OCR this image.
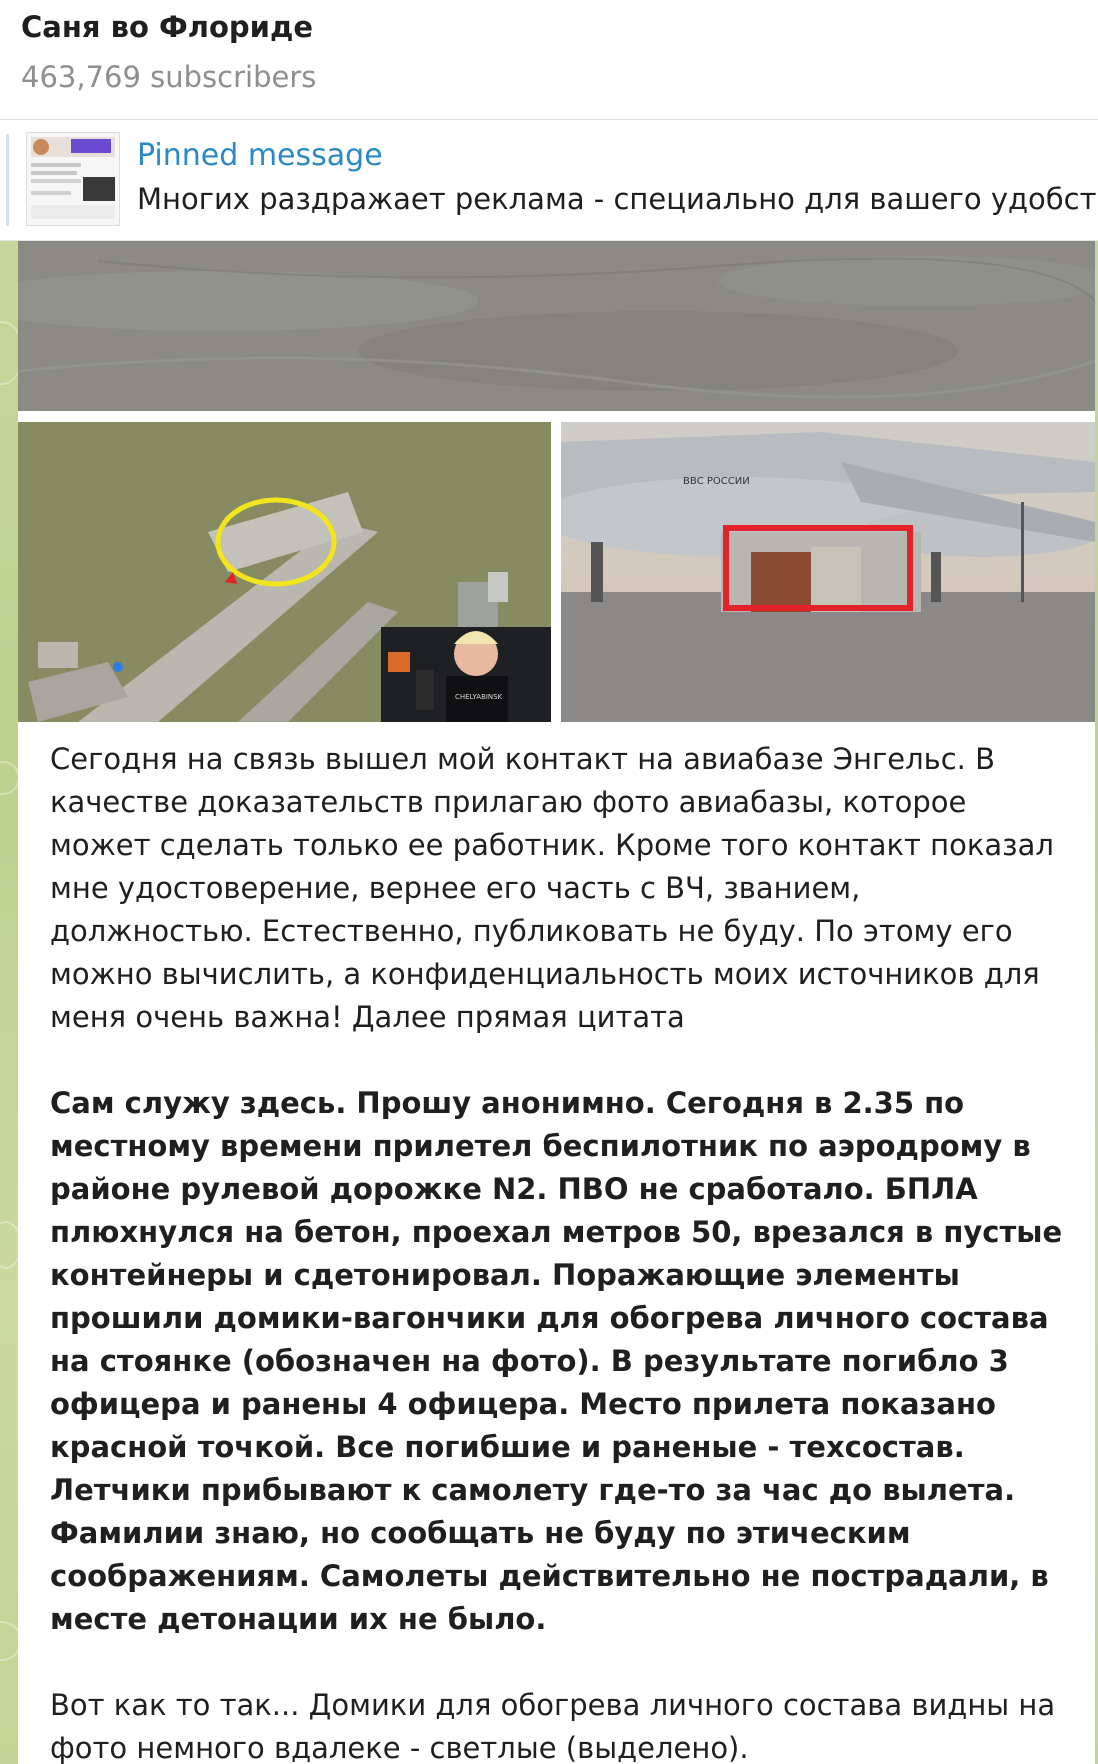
Саня во Флориде
463,769 subscribers
Pinned message
Многих раздражает реклама - специально для вашего удобст
CHELYABINSK
ВВС РОССИИ

Сегодня на связь вышел мой контакт на авиабазе Энгельс. В качестве доказательств прилагаю фото авиабазы, которое может сделать только ее работник. Кроме того контакт показал мне удостоверение, вернее его часть с ВЧ, званием, должностью. Естественно, публиковать не буду. По этому его можно вычислить, а конфиденциальность моих источников для меня очень важна! Далее прямая цитата

Сам служу здесь. Прошу анонимно. Сегодня в 2.35 по местному времени прилетел беспилотник по аэродрому в районе рулевой дорожке N2. ПВО не сработало. БПЛА плюхнулся на бетон, проехал метров 50, врезался в пустые контейнеры и сдетонировал. Поражающие элементы прошили домики-вагончики для обогрева личного состава на стоянке (обозначен на фото). В результате погибло 3 офицера и ранены 4 офицера. Место прилета показано красной точкой. Все погибшие и раненые - техсостав. Летчики прибывают к самолету где-то за час до вылета. Фамилии знаю, но сообщать не буду по этическим соображениям. Самолеты действительно не пострадали, в месте детонации их не было.

Вот как то так... Домики для обогрева личного состава видны на фото немного вдалеке - светлые (выделено).
